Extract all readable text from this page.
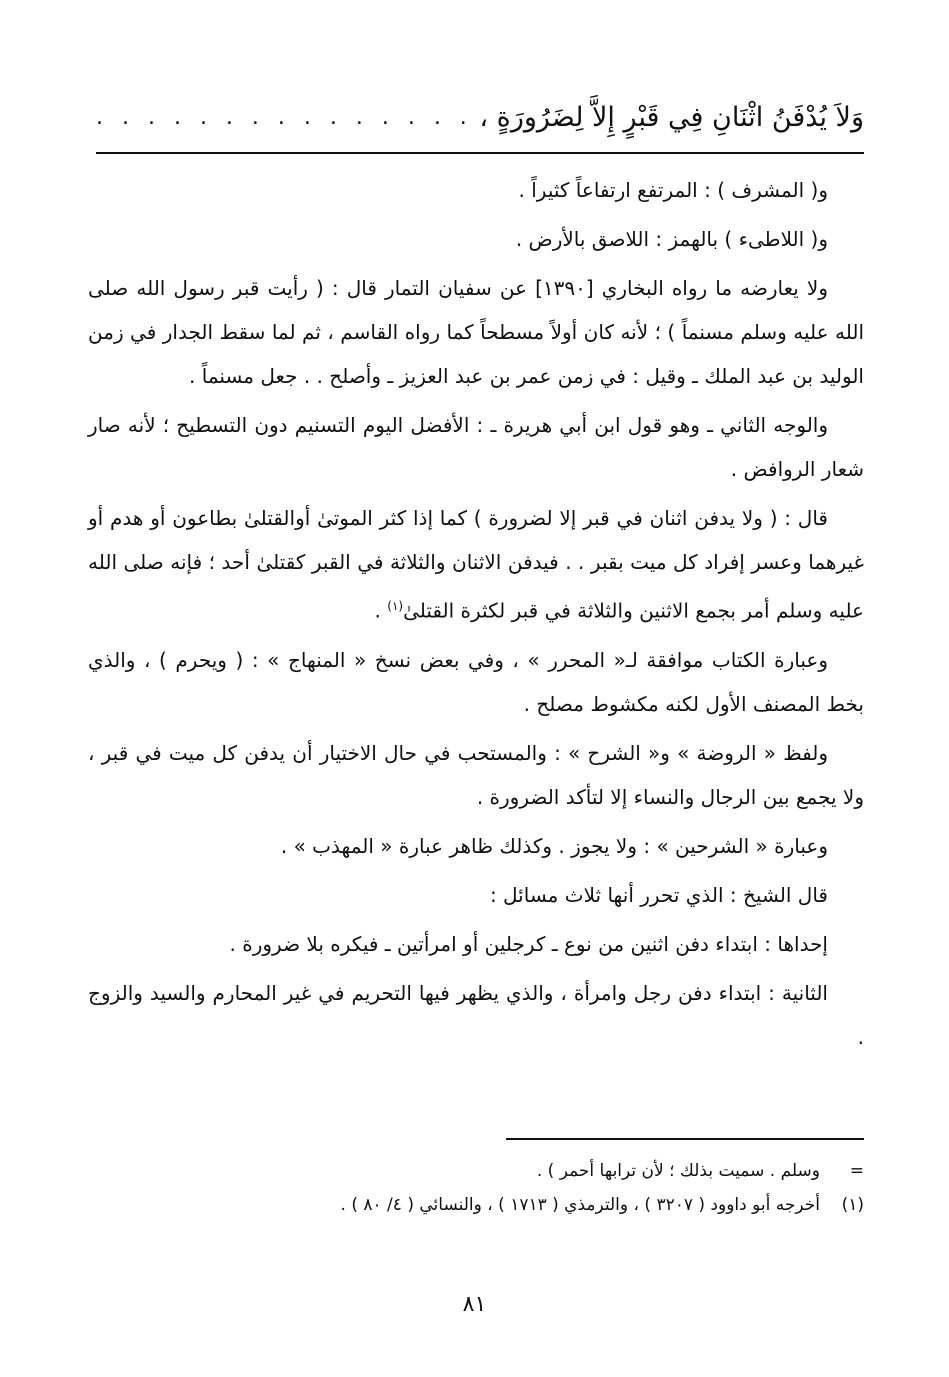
وَلاَ يُدْفَنُ اثْنَانِ فِي قَبْرٍ إِلاَّ لِضَرُورَةٍ ،
. . . . . . . . . . . . . . .

و( المشرف ) : المرتفع ارتفاعاً كثيراً .

و( اللاطىء ) بالهمز : اللاصق بالأرض .

ولا يعارضه ما رواه البخاري [١٣٩٠] عن سفيان التمار قال : ( رأيت قبر رسول الله صلى الله عليه وسلم مسنماً ) ؛ لأنه كان أولاً مسطحاً كما رواه القاسم ، ثم لما سقط الجدار في زمن الوليد بن عبد الملك ـ وقيل : في زمن عمر بن عبد العزيز ـ وأصلح . . جعل مسنماً .

والوجه الثاني ـ وهو قول ابن أبي هريرة ـ : الأفضل اليوم التسنيم دون التسطيح ؛ لأنه صار شعار الروافض .

قال : ( ولا يدفن اثنان في قبر إلا لضرورة ) كما إذا كثر الموتىٰ أوالقتلىٰ بطاعون أو هدم أو غيرهما وعسر إفراد كل ميت بقبر . . فيدفن الاثنان والثلاثة في القبر كقتلىٰ أحد ؛ فإنه صلى الله عليه وسلم أمر بجمع الاثنين والثلاثة في قبر لكثرة القتلىٰ$^{(١)}$ .

وعبارة الكتاب موافقة لـ« المحرر » ، وفي بعض نسخ « المنهاج » : ( ويحرم ) ، والذي بخط المصنف الأول لكنه مكشوط مصلح .

ولفظ « الروضة » و« الشرح » : والمستحب في حال الاختيار أن يدفن كل ميت في قبر ، ولا يجمع بين الرجال والنساء إلا لتأكد الضرورة .

وعبارة « الشرحين » : ولا يجوز . وكذلك ظاهر عبارة « المهذب » .

قال الشيخ : الذي تحرر أنها ثلاث مسائل :

إحداها : ابتداء دفن اثنين من نوع ـ كرجلين أو امرأتين ـ فيكره بلا ضرورة .

الثانية : ابتداء دفن رجل وامرأة ، والذي يظهر فيها التحريم في غير المحارم والسيد والزوج .

=
وسلم . سميت بذلك ؛ لأن ترابها أحمر ) .
(١)
أخرجه أبو داوود ( ٣٢٠٧ ) ، والترمذي ( ١٧١٣ ) ، والنسائي ( ٤/ ٨٠ ) .
٨١
